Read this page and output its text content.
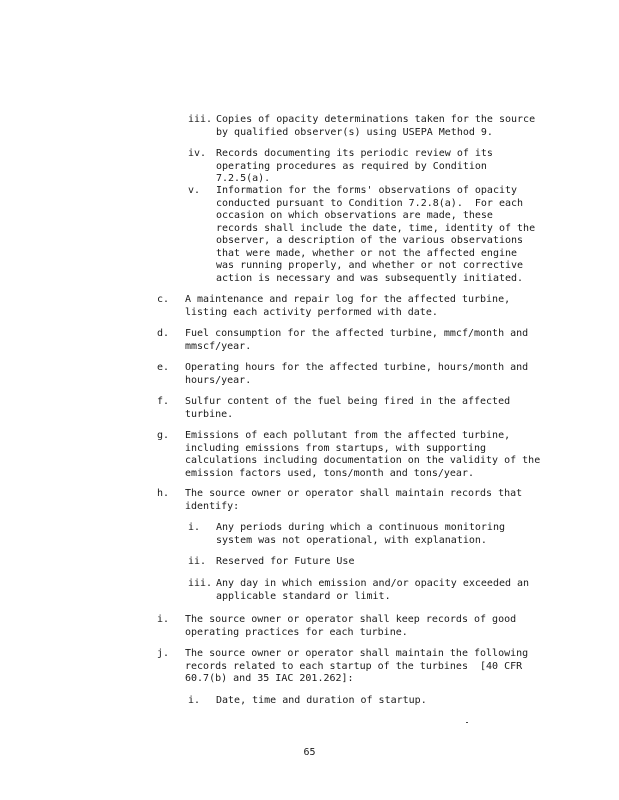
iii. Copies of opacity determinations taken for the source
by qualified observer(s) using USEPA Method 9.
iv. Records documenting its periodic review of its
operating procedures as required by Condition
7.2.5(a).
v.	Information for the forms' observations of opacity
conducted pursuant to Condition 7.2.8(a).  For each
occasion on which observations are made, these
records shall include the date, time, identity of the
observer, a description of the various observations
that were made, whether or not the affected engine
was running properly, and whether or not corrective
action is necessary and was subsequently initiated.
c.	A maintenance and repair log for the affected turbine,
listing each activity performed with date.
d.	Fuel consumption for the affected turbine, mmcf/month and
mmscf/year.
e.	Operating hours for the affected turbine, hours/month and
hours/year.
f.	Sulfur content of the fuel being fired in the affected
turbine.
g.	Emissions of each pollutant from the affected turbine,
including emissions from startups, with supporting
calculations including documentation on the validity of the
emission factors used, tons/month and tons/year.
h.	The source owner or operator shall maintain records that
identify:
i.	Any periods during which a continuous monitoring
system was not operational, with explanation.
ii. Reserved for Future Use
iii. Any day in which emission and/or opacity exceeded an
applicable standard or limit.
i.	The source owner or operator shall keep records of good
operating practices for each turbine.
j.	The source owner or operator shall maintain the following
records related to each startup of the turbines  [40 CFR
60.7(b) and 35 IAC 201.262]:
i.	Date, time and duration of startup.
65
